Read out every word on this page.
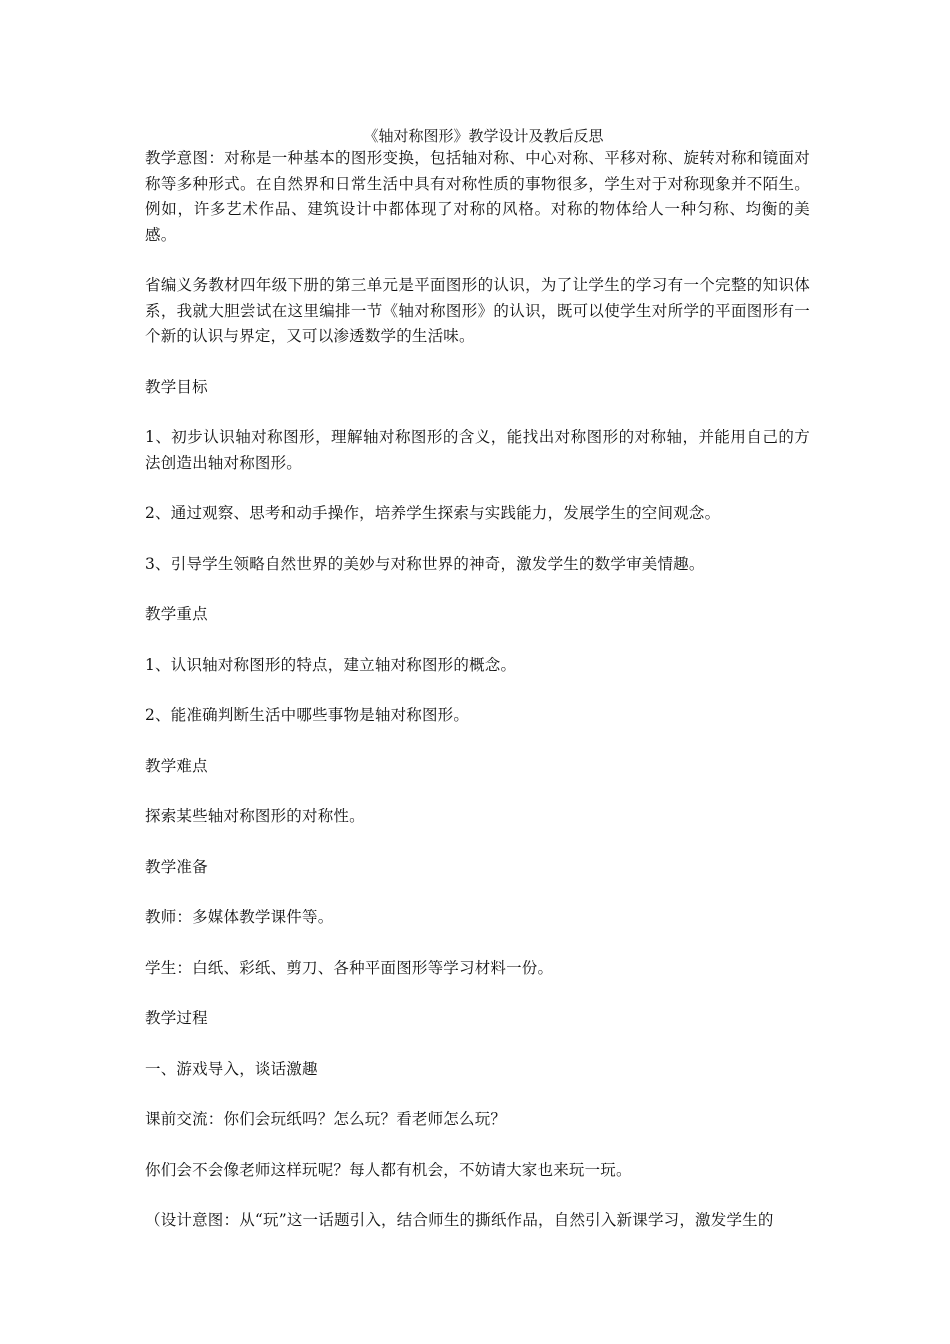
《轴对称图形》教学设计及教后反思

教学意图：对称是一种基本的图形变换，包括轴对称、中心对称、平移对称、旋转对称和镜面对称等多种形式。在自然界和日常生活中具有对称性质的事物很多，学生对于对称现象并不陌生。例如，许多艺术作品、建筑设计中都体现了对称的风格。对称的物体给人一种匀称、均衡的美感。

省编义务教材四年级下册的第三单元是平面图形的认识，为了让学生的学习有一个完整的知识体系，我就大胆尝试在这里编排一节《轴对称图形》的认识，既可以使学生对所学的平面图形有一个新的认识与界定，又可以渗透数学的生活味。

教学目标

1、初步认识轴对称图形，理解轴对称图形的含义，能找出对称图形的对称轴，并能用自己的方法创造出轴对称图形。

2、通过观察、思考和动手操作，培养学生探索与实践能力，发展学生的空间观念。

3、引导学生领略自然世界的美妙与对称世界的神奇，激发学生的数学审美情趣。

教学重点

1、认识轴对称图形的特点，建立轴对称图形的概念。

2、能准确判断生活中哪些事物是轴对称图形。

教学难点

探索某些轴对称图形的对称性。

教学准备

教师：多媒体教学课件等。

学生：白纸、彩纸、剪刀、各种平面图形等学习材料一份。

教学过程

一、游戏导入，谈话激趣

课前交流：你们会玩纸吗？怎么玩？看老师怎么玩？

你们会不会像老师这样玩呢？每人都有机会，不妨请大家也来玩一玩。

（设计意图：从“玩”这一话题引入，结合师生的撕纸作品，自然引入新课学习，激发学生的
